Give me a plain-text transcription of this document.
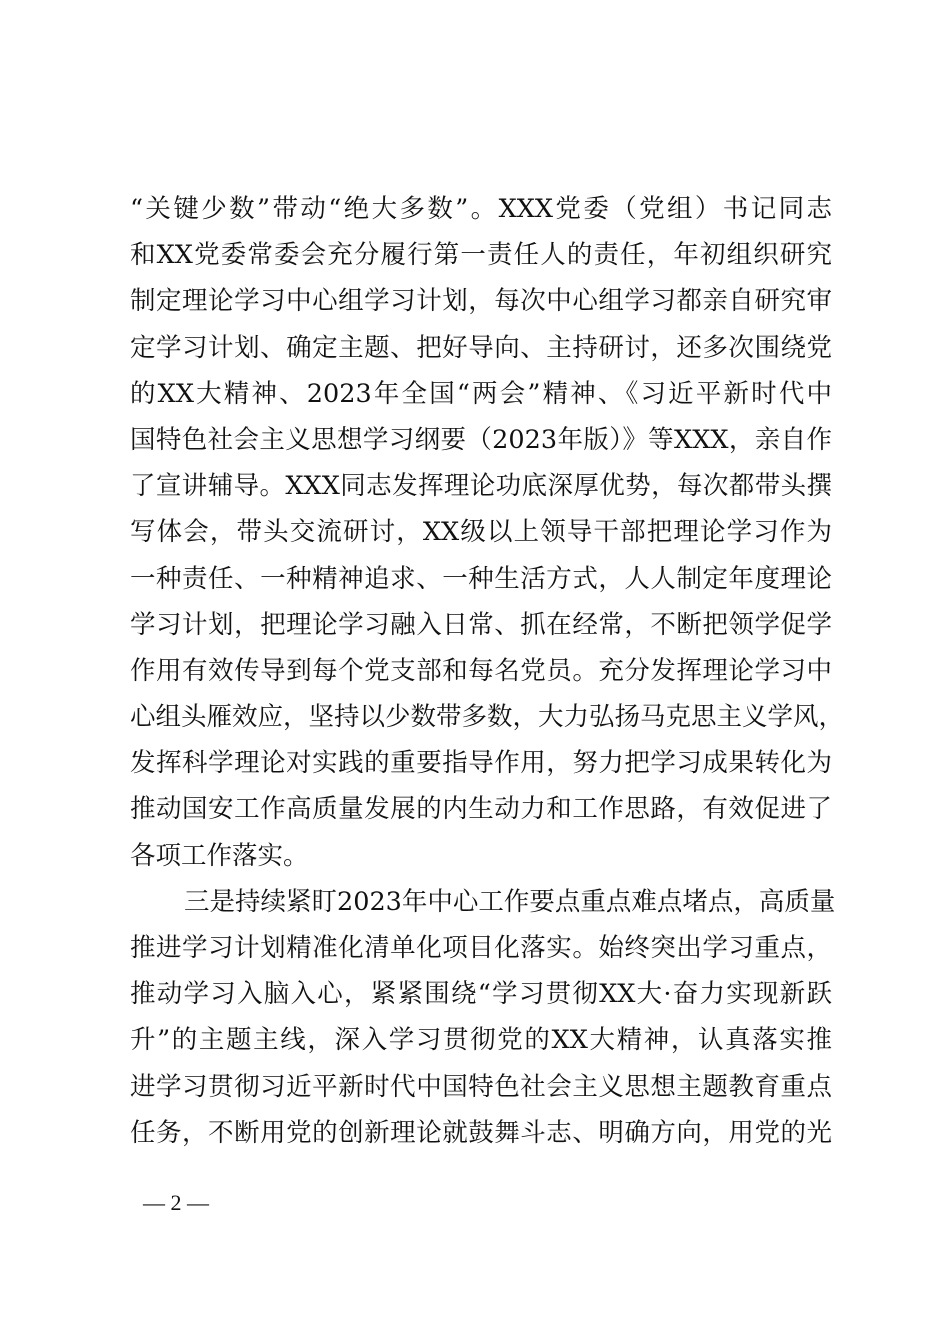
“关键少数”带动“绝大多数”。XXX党委（党组）书记同志
和XX党委常委会充分履行第一责任人的责任，年初组织研究
制定理论学习中心组学习计划，每次中心组学习都亲自研究审
定学习计划、确定主题、把好导向、主持研讨，还多次围绕党
的XX大精神、2023年全国“两会”精神、《习近平新时代中
国特色社会主义思想学习纲要（2023年版）》等XXX，亲自作
了宣讲辅导。XXX同志发挥理论功底深厚优势，每次都带头撰
写体会，带头交流研讨，XX级以上领导干部把理论学习作为
一种责任、一种精神追求、一种生活方式，人人制定年度理论
学习计划，把理论学习融入日常、抓在经常，不断把领学促学
作用有效传导到每个党支部和每名党员。充分发挥理论学习中
心组头雁效应，坚持以少数带多数，大力弘扬马克思主义学风，
发挥科学理论对实践的重要指导作用，努力把学习成果转化为
推动国安工作高质量发展的内生动力和工作思路，有效促进了
各项工作落实。
三是持续紧盯2023年中心工作要点重点难点堵点，高质量
推进学习计划精准化清单化项目化落实。始终突出学习重点，
推动学习入脑入心，紧紧围绕“学习贯彻XX大·奋力实现新跃
升”的主题主线，深入学习贯彻党的XX大精神，认真落实推
进学习贯彻习近平新时代中国特色社会主义思想主题教育重点
任务，不断用党的创新理论就鼓舞斗志、明确方向，用党的光
— 2 —
